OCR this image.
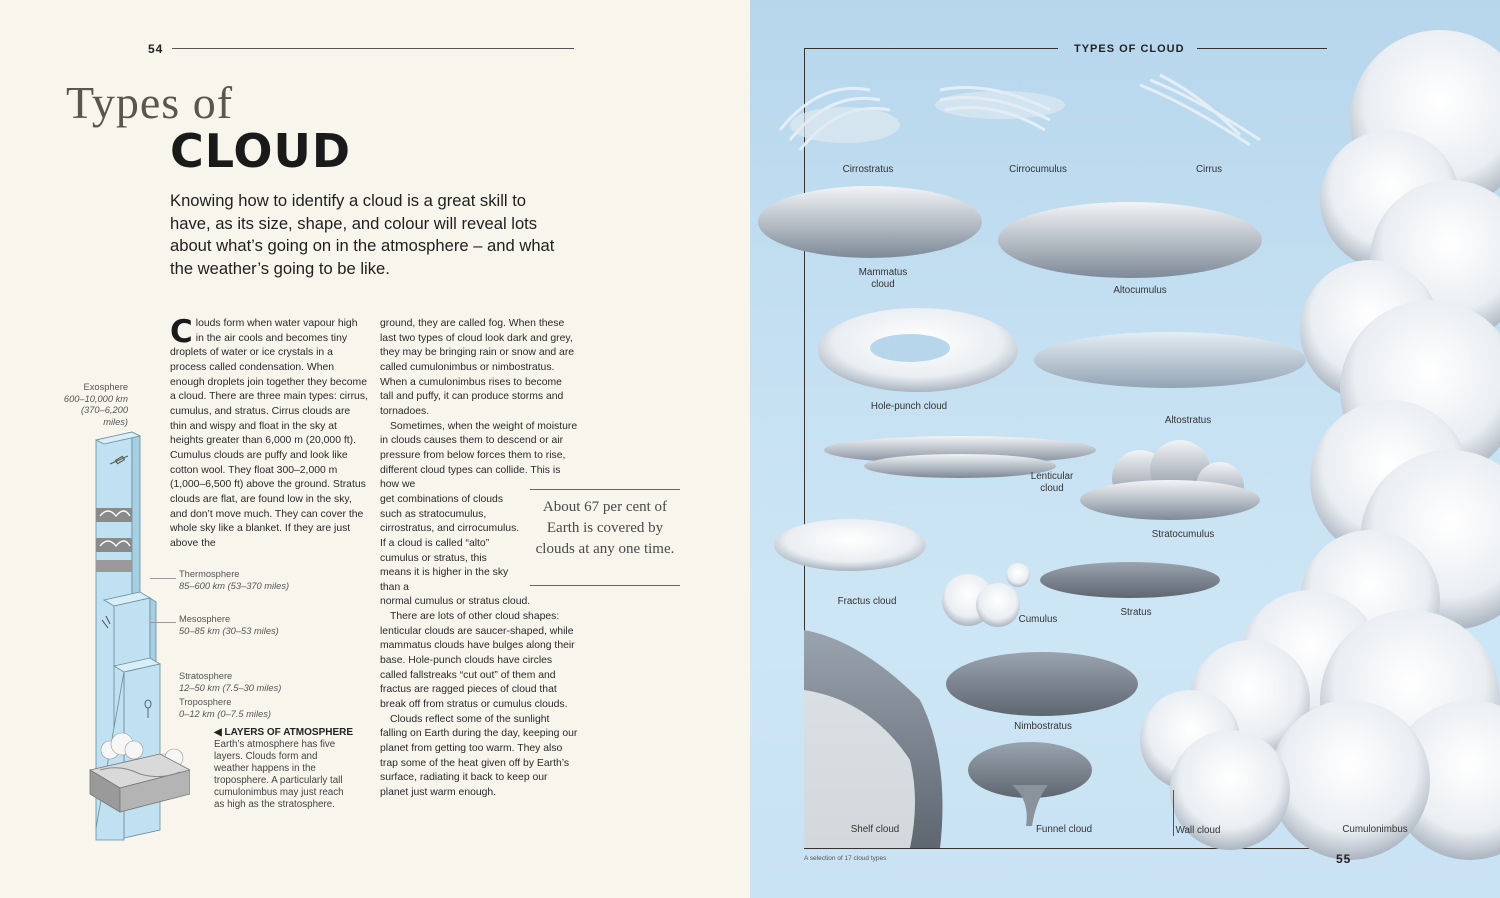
54
Types of
CLOUD
Knowing how to identify a cloud is a great skill to have, as its size, shape, and colour will reveal lots about what’s going on in the atmosphere – and what the weather’s going to be like.
Clouds form when water vapour high in the air cools and becomes tiny droplets of water or ice crystals in a process called condensation. When enough droplets join together they become a cloud. There are three main types: cirrus, cumulus, and stratus. Cirrus clouds are thin and wispy and float in the sky at heights greater than 6,000 m (20,000 ft). Cumulus clouds are puffy and look like cotton wool. They float 300–2,000 m (1,000–6,500 ft) above the ground. Stratus clouds are flat, are found low in the sky, and don’t move much. They can cover the whole sky like a blanket. If they are just above the

ground, they are called fog. When these last two types of cloud look dark and grey, they may be bringing rain or snow and are called cumulonimbus or nimbostratus. When a cumulonimbus rises to become tall and puffy, it can produce storms and tornadoes.

Sometimes, when the weight of moisture in clouds causes them to descend or air pressure from below forces them to rise, different cloud types can collide. This is how we

get combinations of clouds such as stratocumulus, cirrostratus, and cirrocumulus. If a cloud is called “alto” cumulus or stratus, this means it is higher in the sky than a

normal cumulus or stratus cloud.

There are lots of other cloud shapes: lenticular clouds are saucer-shaped, while mammatus clouds have bulges along their base. Hole-punch clouds have circles called fallstreaks “cut out” of them and fractus are ragged pieces of cloud that break off from stratus or cumulus clouds.

Clouds reflect some of the sunlight falling on Earth during the day, keeping our planet from getting too warm. They also trap some of the heat given off by Earth’s surface, radiating it back to keep our planet just warm enough.

About 67 per cent of Earth is covered by clouds at any one time.
Exosphere
600–10,000 km
(370–6,200 miles)
Thermosphere
85–600 km (53–370 miles)
Mesosphere
50–85 km (30–53 miles)
Stratosphere
12–50 km (7.5–30 miles)
Troposphere
0–12 km (0–7.5 miles)
◀ LAYERS OF ATMOSPHERE
Earth’s atmosphere has five layers. Clouds form and weather happens in the troposphere. A particularly tall cumulonimbus may just reach as high as the stratosphere.
TYPES OF CLOUD
Cirrostratus	Cirrocumulus	Cirrus
Mammatus cloud
Altocumulus
Hole-punch cloud
Altostratus
Lenticular cloud
Stratocumulus
Fractus cloud
Cumulus
Stratus
Nimbostratus
Shelf cloud	Funnel cloud	Wall cloud	Cumulonimbus
A selection of 17 cloud types	55
